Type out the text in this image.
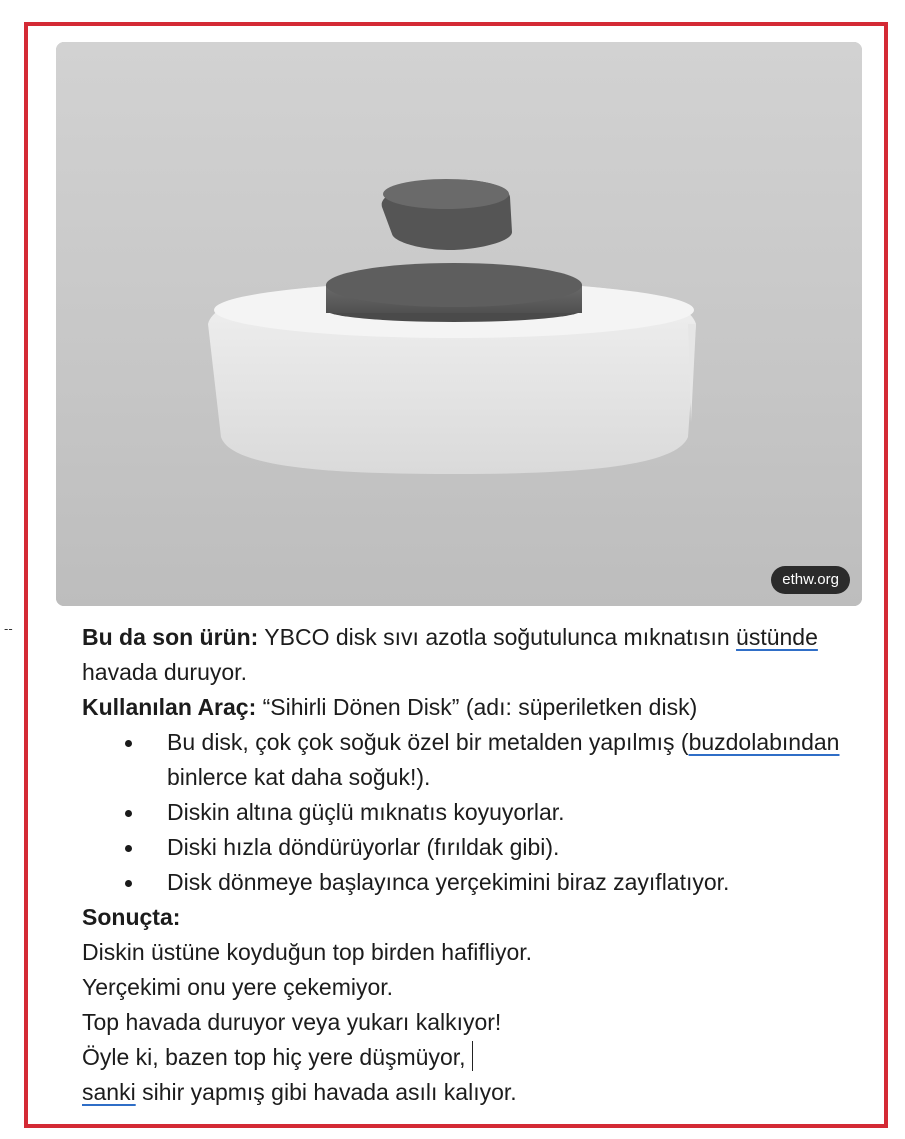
ethw.org
--	Bu da son ürün: YBCO disk sıvı azotla soğutulunca mıknatısın üstünde havada duruyor.

Kullanılan Araç: “Sihirli Dönen Disk” (adı: süperiletken disk)

Bu disk, çok çok soğuk özel bir metalden yapılmış (buzdolabından binlerce kat daha soğuk!).
Diskin altına güçlü mıknatıs koyuyorlar.
Diski hızla döndürüyorlar (fırıldak gibi).
Disk dönmeye başlayınca yerçekimini biraz zayıflatıyor.

Sonuçta:

Diskin üstüne koyduğun top birden hafifliyor.

Yerçekimi onu yere çekemiyor.

Top havada duruyor veya yukarı kalkıyor!

Öyle ki, bazen top hiç yere düşmüyor,

sanki sihir yapmış gibi havada asılı kalıyor.
